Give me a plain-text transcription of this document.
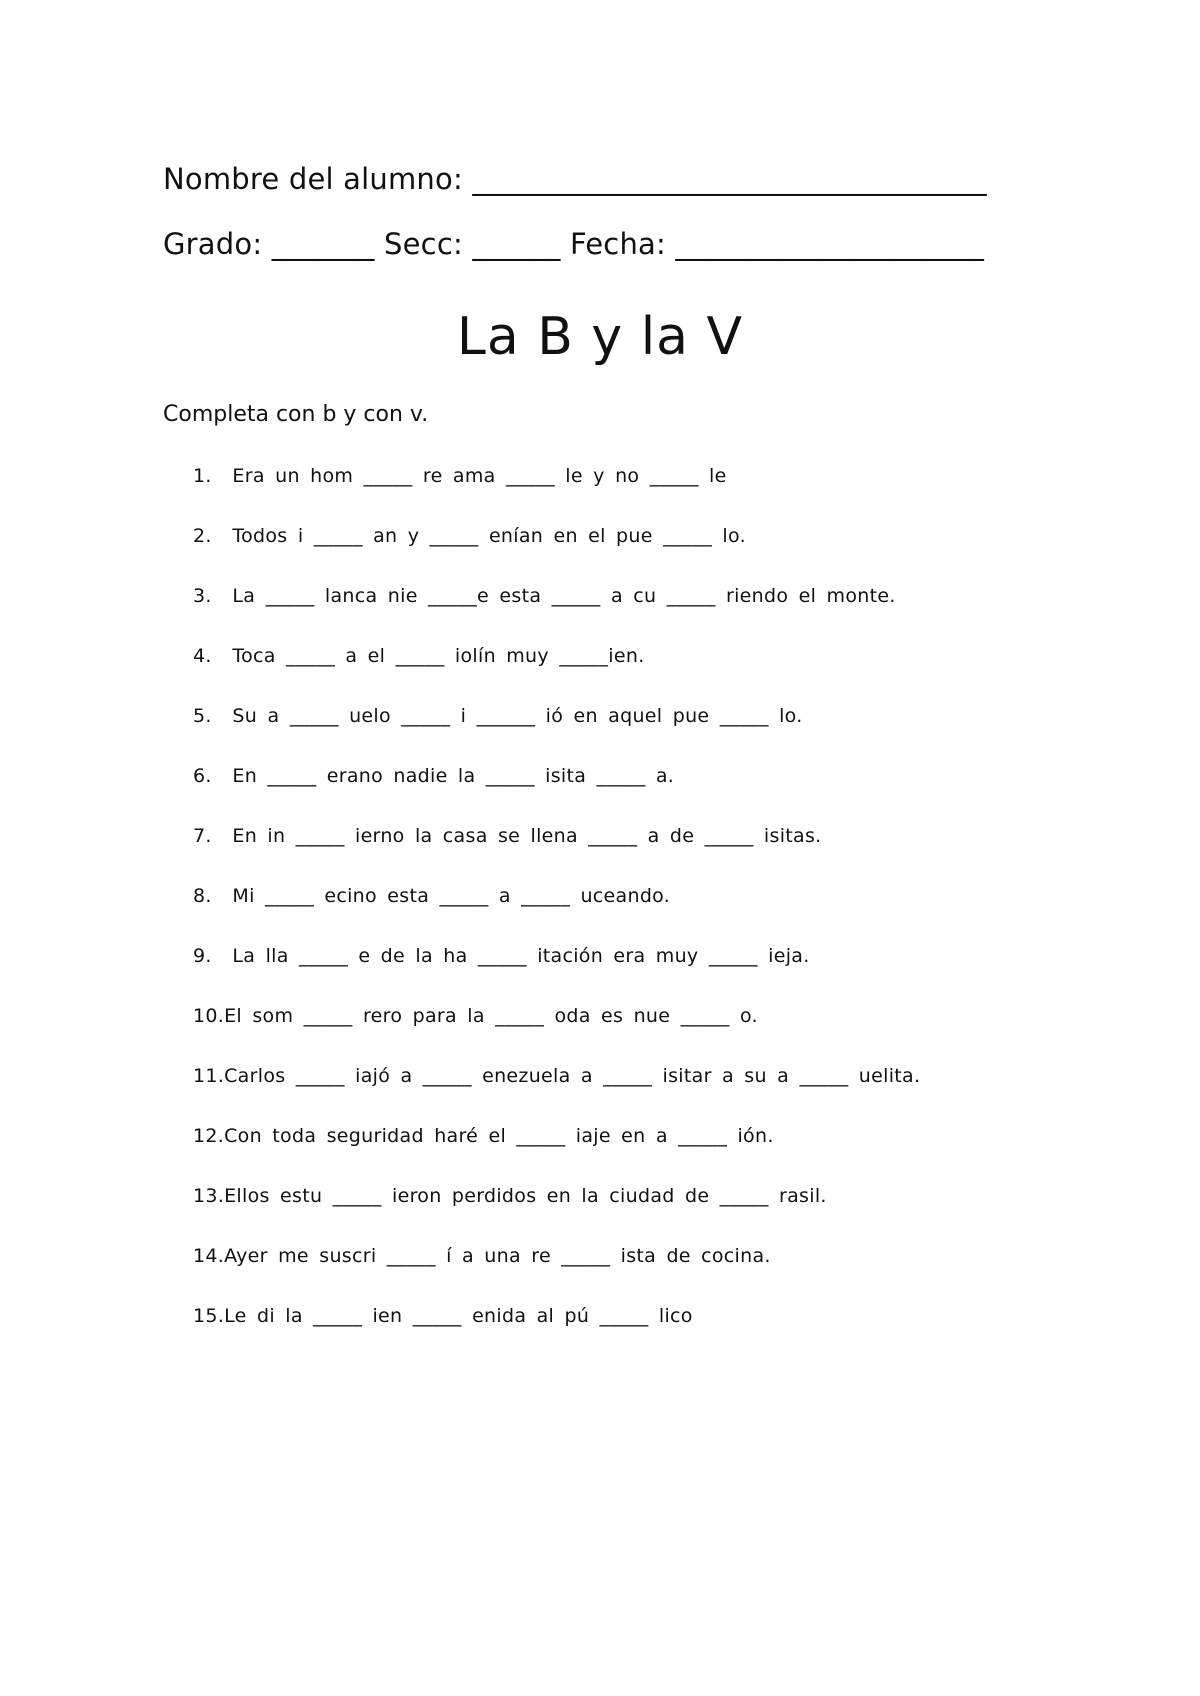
Nombre del alumno: ___________________________________
Grado: _______ Secc: ______ Fecha: _____________________
La B y la V
Completa con b y con v.
1.  Era un hom _____ re ama _____ le y no _____ le
2.  Todos i _____ an y _____ enían en el pue _____ lo.
3.  La _____ lanca nie _____e esta _____ a cu _____ riendo el monte.
4.  Toca _____ a el _____ iolín muy _____ien.
5.  Su a _____ uelo _____ i ______ ió en aquel pue _____ lo.
6.  En _____ erano nadie la _____ isita _____ a.
7.  En in _____ ierno la casa se llena _____ a de _____ isitas.
8.  Mi _____ ecino esta _____ a _____ uceando.
9.  La lla _____ e de la ha _____ itación era muy _____ ieja.
10.El som _____ rero para la _____ oda es nue _____ o.
11.Carlos _____ iajó a _____ enezuela a _____ isitar a su a _____ uelita.
12.Con toda seguridad haré el _____ iaje en a _____ ión.
13.Ellos estu _____ ieron perdidos en la ciudad de _____ rasil.
14.Ayer me suscri _____ í a una re _____ ista de cocina.
15.Le di la _____ ien _____ enida al pú _____ lico
